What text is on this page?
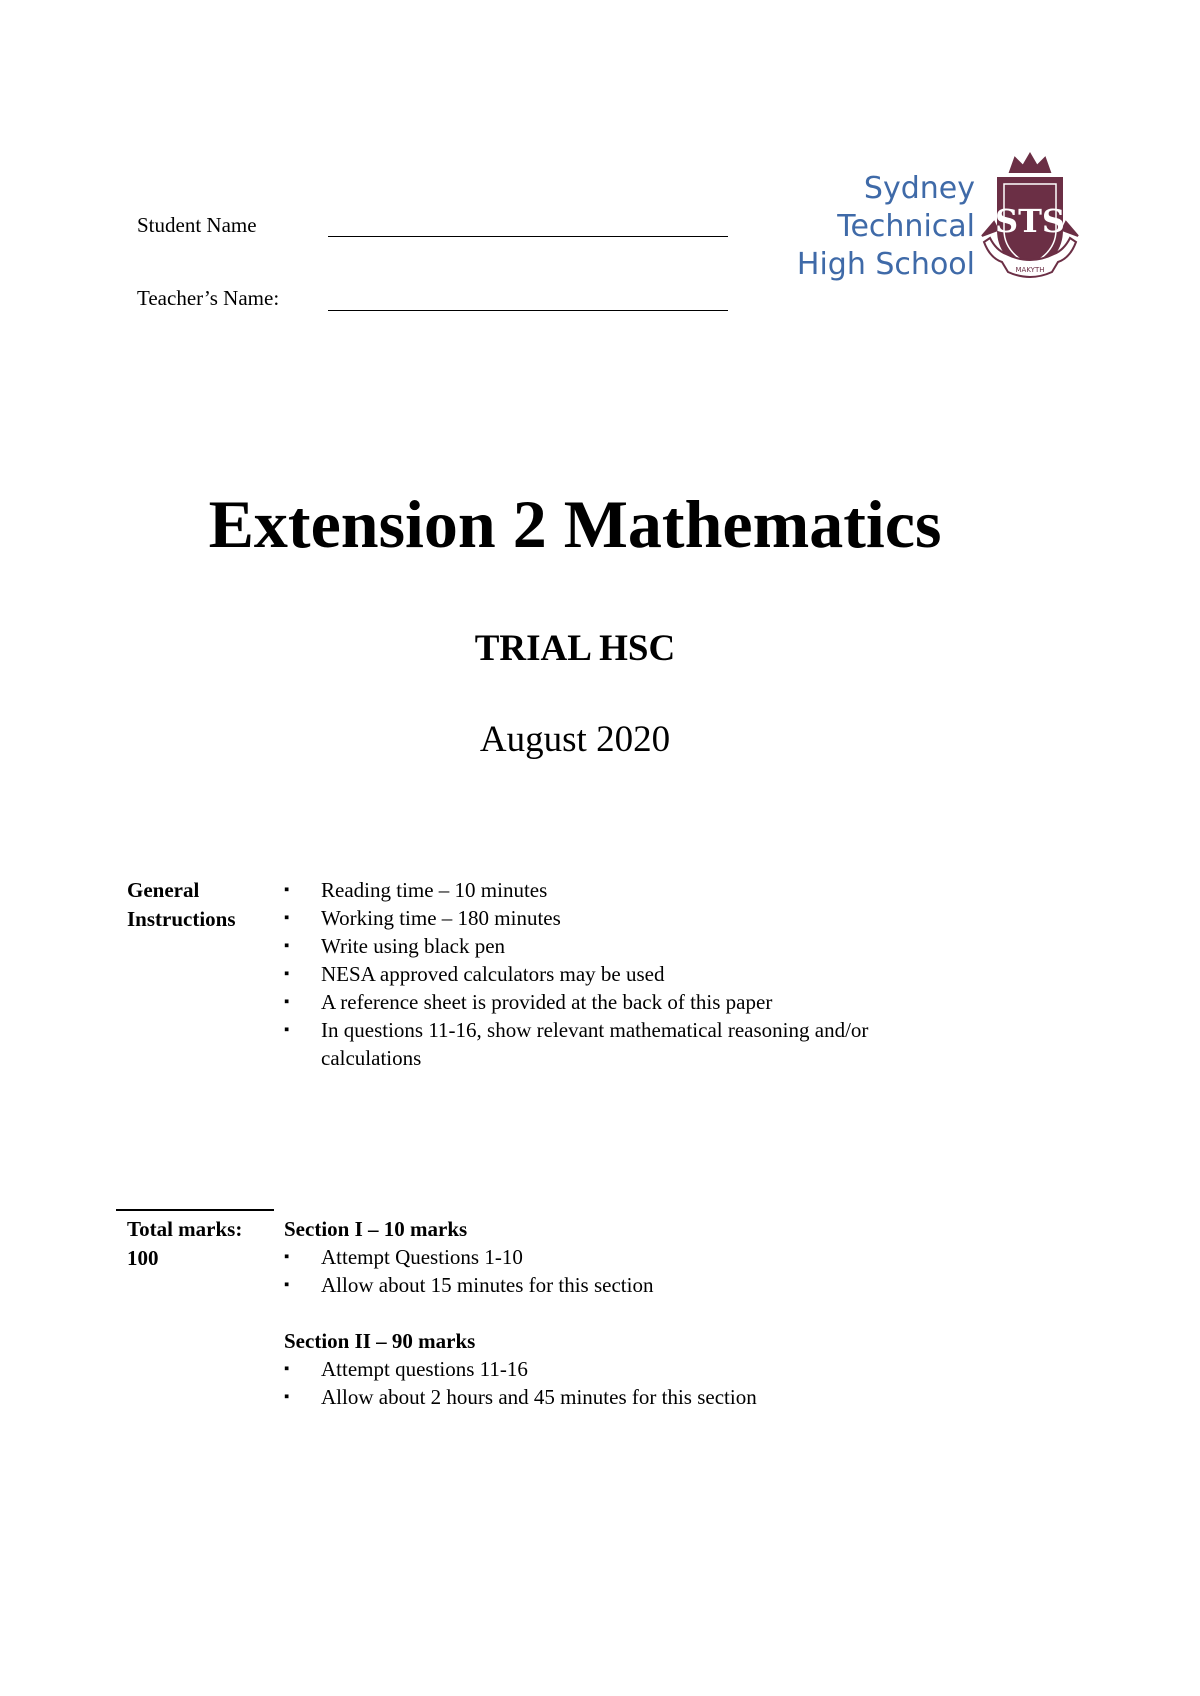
Student Name
Teacher’s Name:
Sydney
Technical
High School
STS
MAKYTH
Extension 2 Mathematics
TRIAL HSC
August 2020
General
Instructions
▪ Reading time – 10 minutes
▪ Working time – 180 minutes
▪ Write using black pen
▪ NESA approved calculators may be used
▪ A reference sheet is provided at the back of this paper
▪ In questions 11-16, show relevant mathematical reasoning and/or calculations
Total marks:
100
Section I – 10 marks
▪ Attempt Questions 1-10
▪ Allow about 15 minutes for this section
Section II – 90 marks
▪ Attempt questions 11-16
▪ Allow about 2 hours and 45 minutes for this section
